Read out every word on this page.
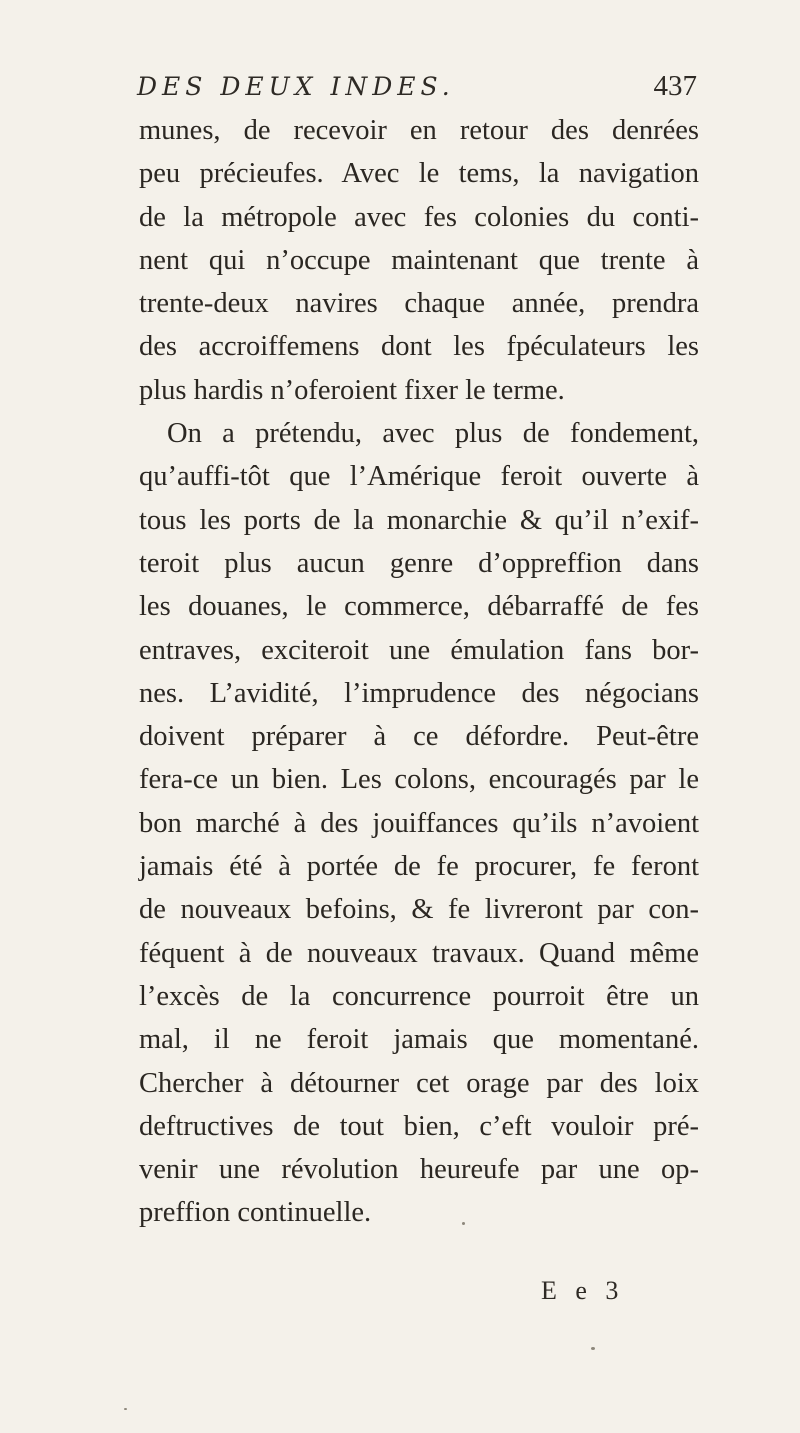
DES DEUX INDES.	437
munes, de recevoir en retour des denrées
peu précieufes. Avec le tems, la navigation
de la métropole avec fes colonies du conti-
nent qui n’occupe maintenant que trente à
trente-deux navires chaque année, prendra
des accroiffemens dont les fpéculateurs les
plus hardis n’oferoient fixer le terme.
On a prétendu, avec plus de fondement,
qu’auffi-tôt que l’Amérique feroit ouverte à
tous les ports de la monarchie & qu’il n’exif-
teroit plus aucun genre d’oppreffion dans
les douanes, le commerce, débarraffé de fes
entraves, exciteroit une émulation fans bor-
nes. L’avidité, l’imprudence des négocians
doivent préparer à ce défordre. Peut-être
fera-ce un bien. Les colons, encouragés par le
bon marché à des jouiffances qu’ils n’avoient
jamais été à portée de fe procurer, fe feront
de nouveaux befoins, & fe livreront par con-
féquent à de nouveaux travaux. Quand même
l’excès de la concurrence pourroit être un
mal, il ne feroit jamais que momentané.
Chercher à détourner cet orage par des loix
deftructives de tout bien, c’eft vouloir pré-
venir une révolution heureufe par une op-
preffion continuelle.
E e 3
